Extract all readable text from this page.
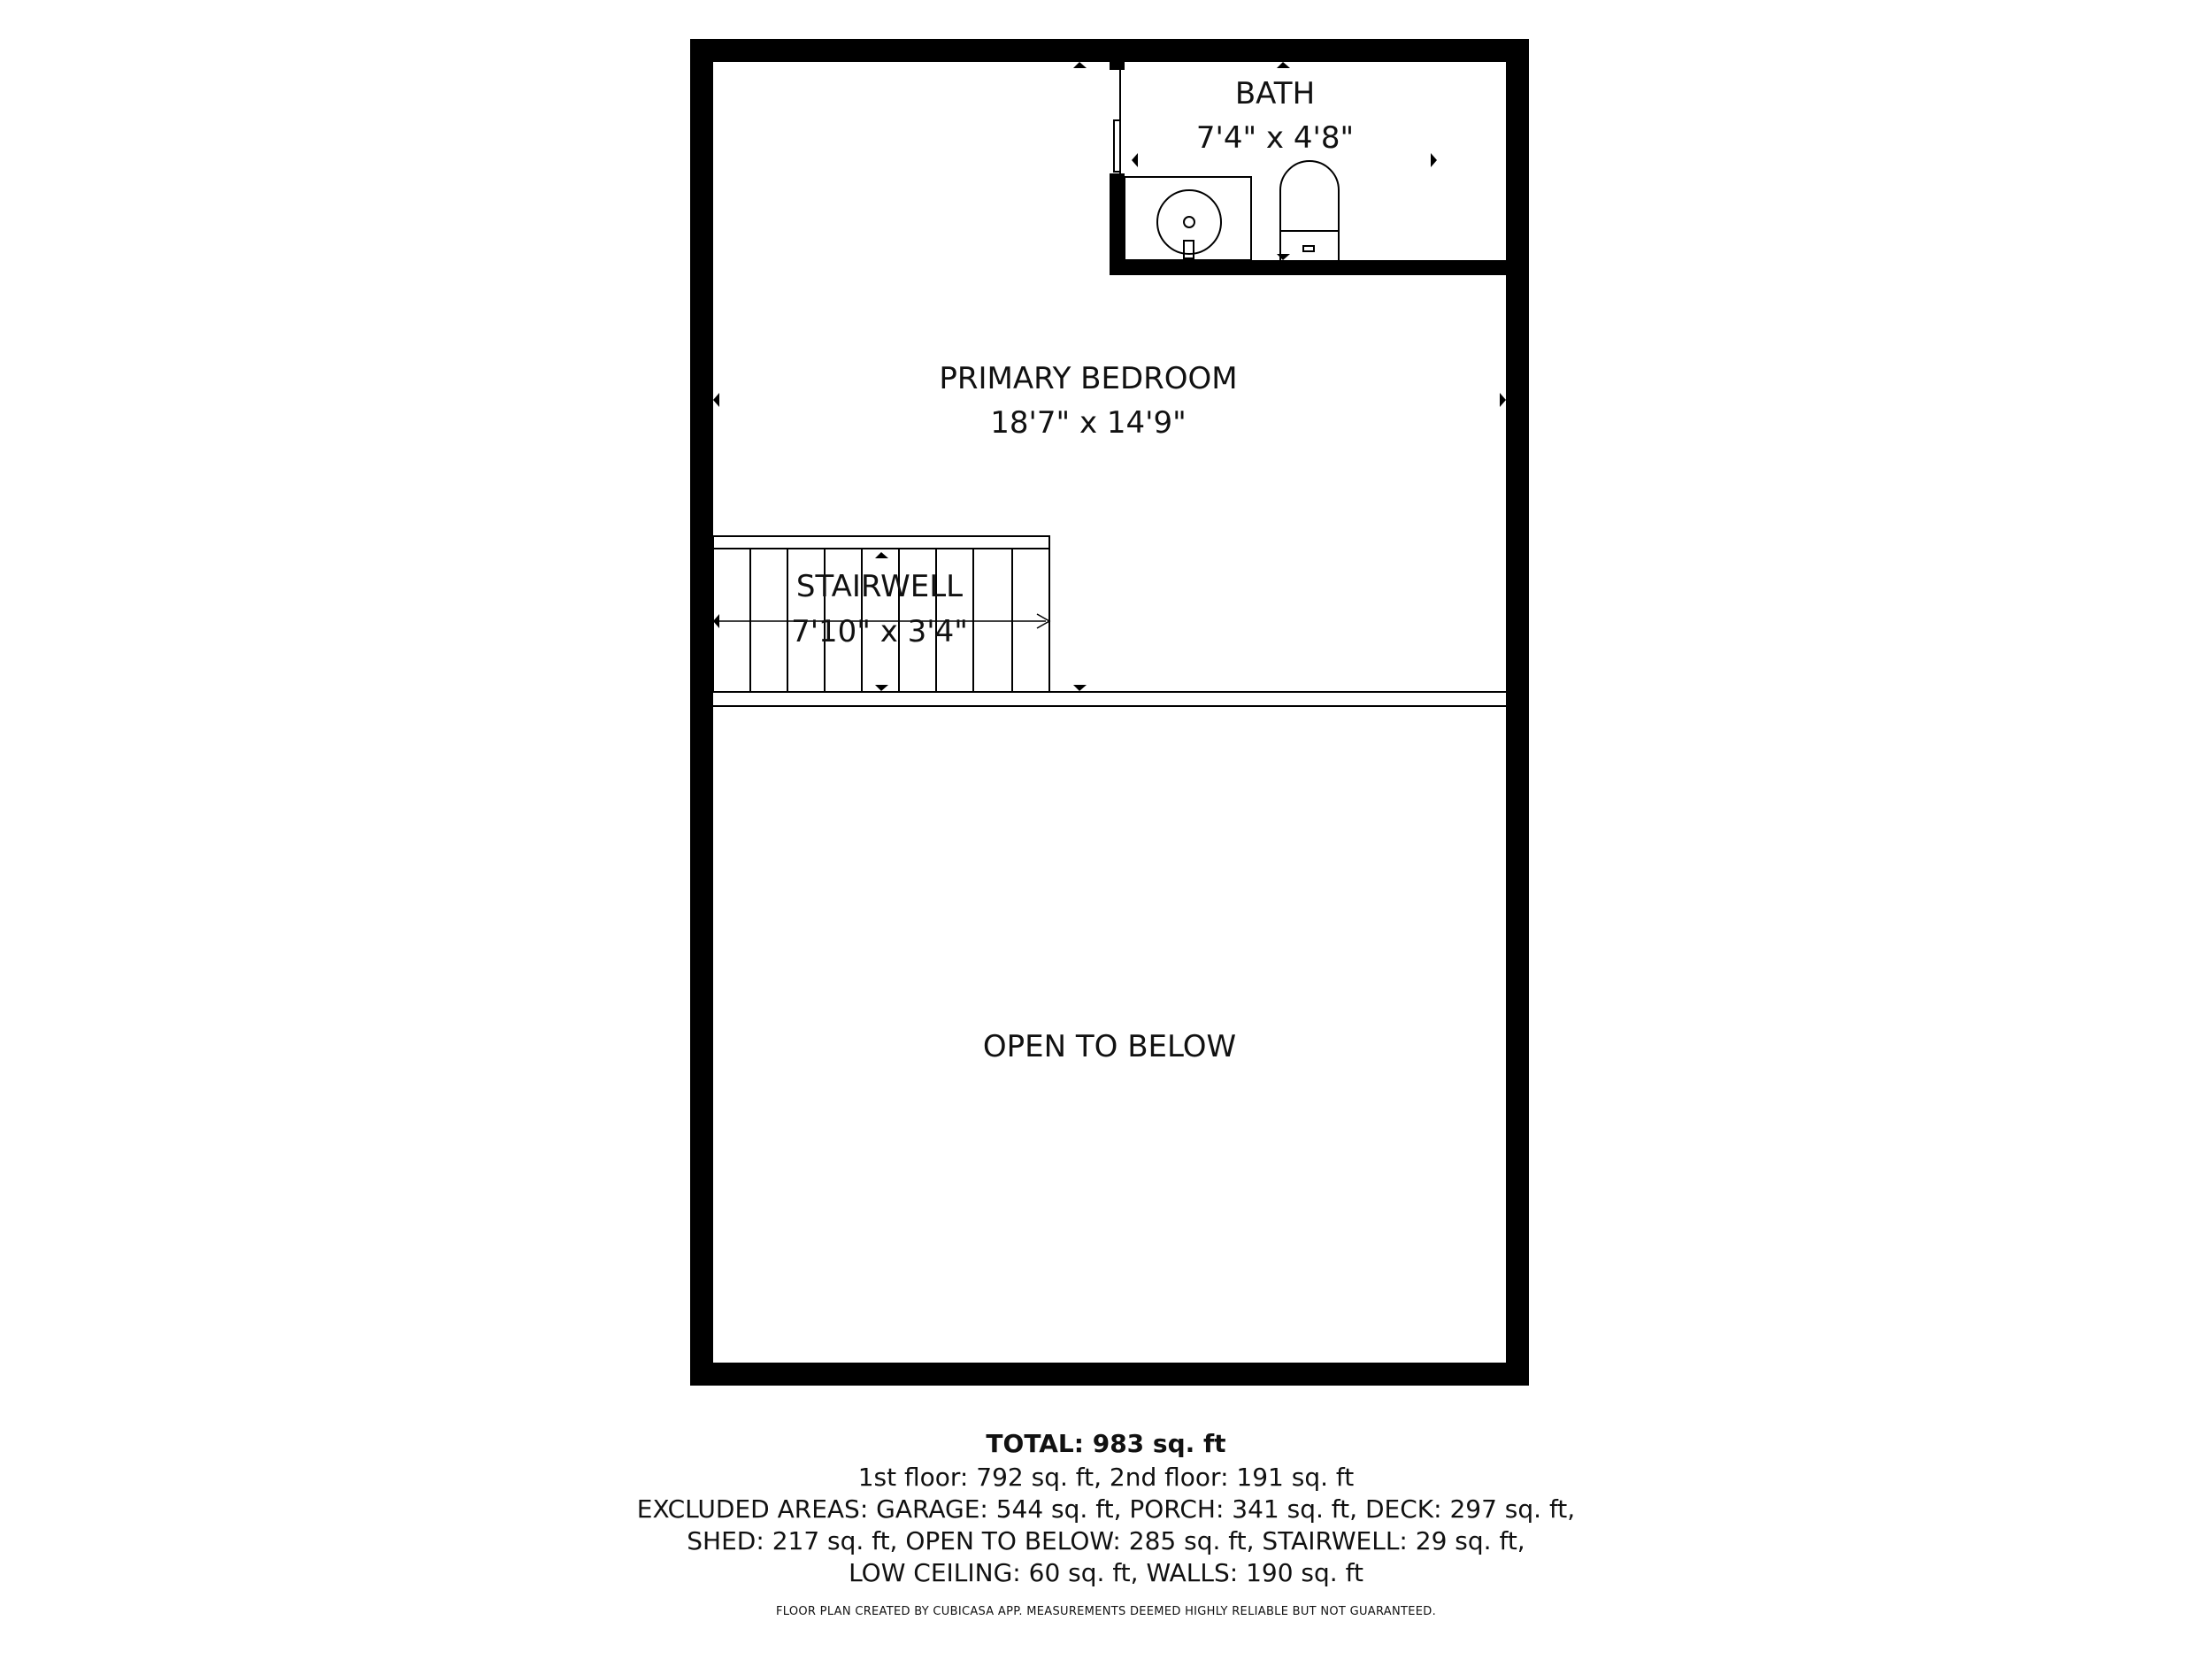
BATH
7'4" x 4'8"
PRIMARY BEDROOM
18'7" x 14'9"
STAIRWELL
7'10" x 3'4"
OPEN TO BELOW
TOTAL: 983 sq. ft
1st floor: 792 sq. ft, 2nd floor: 191 sq. ft
EXCLUDED AREAS: GARAGE: 544 sq. ft, PORCH: 341 sq. ft, DECK: 297 sq. ft,
SHED: 217 sq. ft, OPEN TO BELOW: 285 sq. ft, STAIRWELL: 29 sq. ft,
LOW CEILING: 60 sq. ft, WALLS: 190 sq. ft
FLOOR PLAN CREATED BY CUBICASA APP. MEASUREMENTS DEEMED HIGHLY RELIABLE BUT NOT GUARANTEED.
